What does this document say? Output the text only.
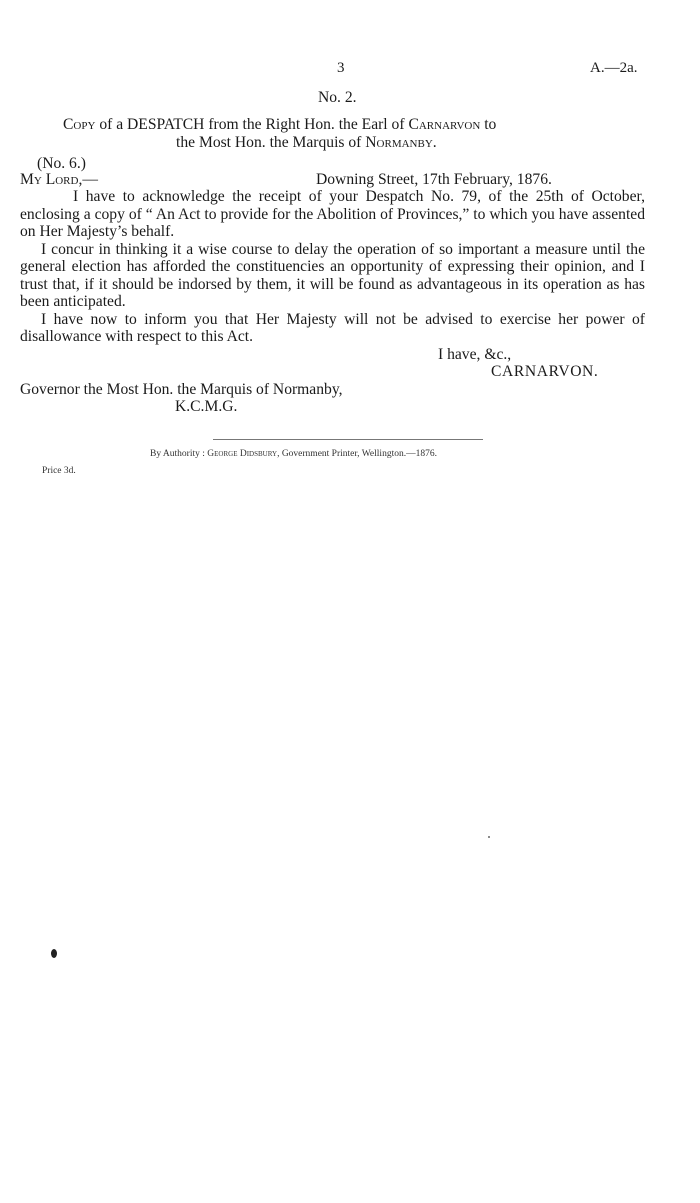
3	A.—2a.
No. 2.
Copy of a DESPATCH from the Right Hon. the Earl of Carnarvon to
the Most Hon. the Marquis of Normanby.
(No. 6.)
My Lord,—	Downing Street, 17th February, 1876.

I have to acknowledge the receipt of your Despatch No. 79, of the 25th of October, enclosing a copy of “ An Act to provide for the Abolition of Provinces,” to which you have assented on Her Majesty’s behalf.

I concur in thinking it a wise course to delay the operation of so important a measure until the general election has afforded the constituencies an opportunity of expressing their opinion, and I trust that, if it should be indorsed by them, it will be found as advantageous in its operation as has been anticipated.

I have now to inform you that Her Majesty will not be advised to exercise her power of disallowance with respect to this Act.

I have, &c.,
CARNARVON.
Governor the Most Hon. the Marquis of Normanby,
K.C.M.G.
By Authority : George Didsbury, Government Printer, Wellington.—1876.
Price 3d.
